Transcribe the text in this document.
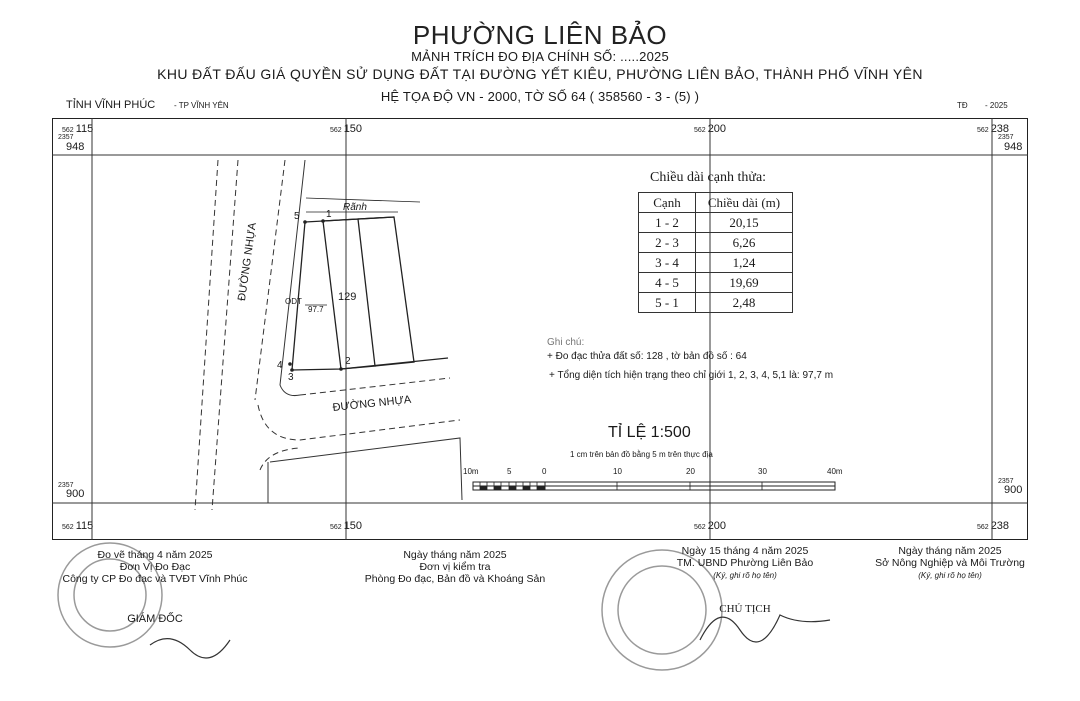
PHƯỜNG LIÊN BẢO
MẢNH TRÍCH ĐO ĐỊA CHÍNH SỐ: .....2025
KHU ĐẤT ĐẤU GIÁ QUYỀN SỬ DỤNG ĐẤT TẠI ĐƯỜNG YẾT KIÊU, PHƯỜNG LIÊN BẢO, THÀNH PHỐ VĨNH YÊN
HỆ TỌA ĐỘ VN - 2000, TỜ SỐ 64 ( 358560 - 3 - (5) )
TỈNH VĨNH PHÚC - TP VĨNH YÊN	TĐ - 2025
562 115	562 150	562 200	562 238
562 115	562 150	562 200	562 238
2357
948
2357
948
2357
900
2357
900
ĐƯỜNG NHỰA
ĐƯỜNG NHỰA
Rãnh
ODT
97.7
129
1
2
3
4
5
Chiều dài cạnh thửa:
Cạnh	Chiều dài (m)
1 - 2	20,15
2 - 3	6,26
3 - 4	1,24
4 - 5	19,69
5 - 1	2,48
Ghi chú:
+ Đo đạc thửa đất số: 128 , tờ bản đồ số : 64
+ Tổng diện tích hiện trạng theo chỉ giới 1, 2, 3, 4, 5,1 là: 97,7 m
TỈ LỆ 1:500
1 cm trên bản đồ bằng 5 m trên thực địa
10m	5	0	10	20	30	40m
Đo vẽ tháng 4 năm 2025
Đơn Vị Đo Đạc
Công ty CP Đo đạc và TVĐT Vĩnh Phúc
GIÁM ĐỐC
Ngày tháng năm 2025
Đơn vị kiểm tra
Phòng Đo đạc, Bản đồ và Khoáng Sản
Ngày 15 tháng 4 năm 2025
TM. UBND Phường Liên Bảo
(Ký, ghi rõ họ tên)
CHỦ TỊCH
Ngày tháng năm 2025
Sở Nông Nghiệp và Môi Trường
(Ký, ghi rõ họ tên)
